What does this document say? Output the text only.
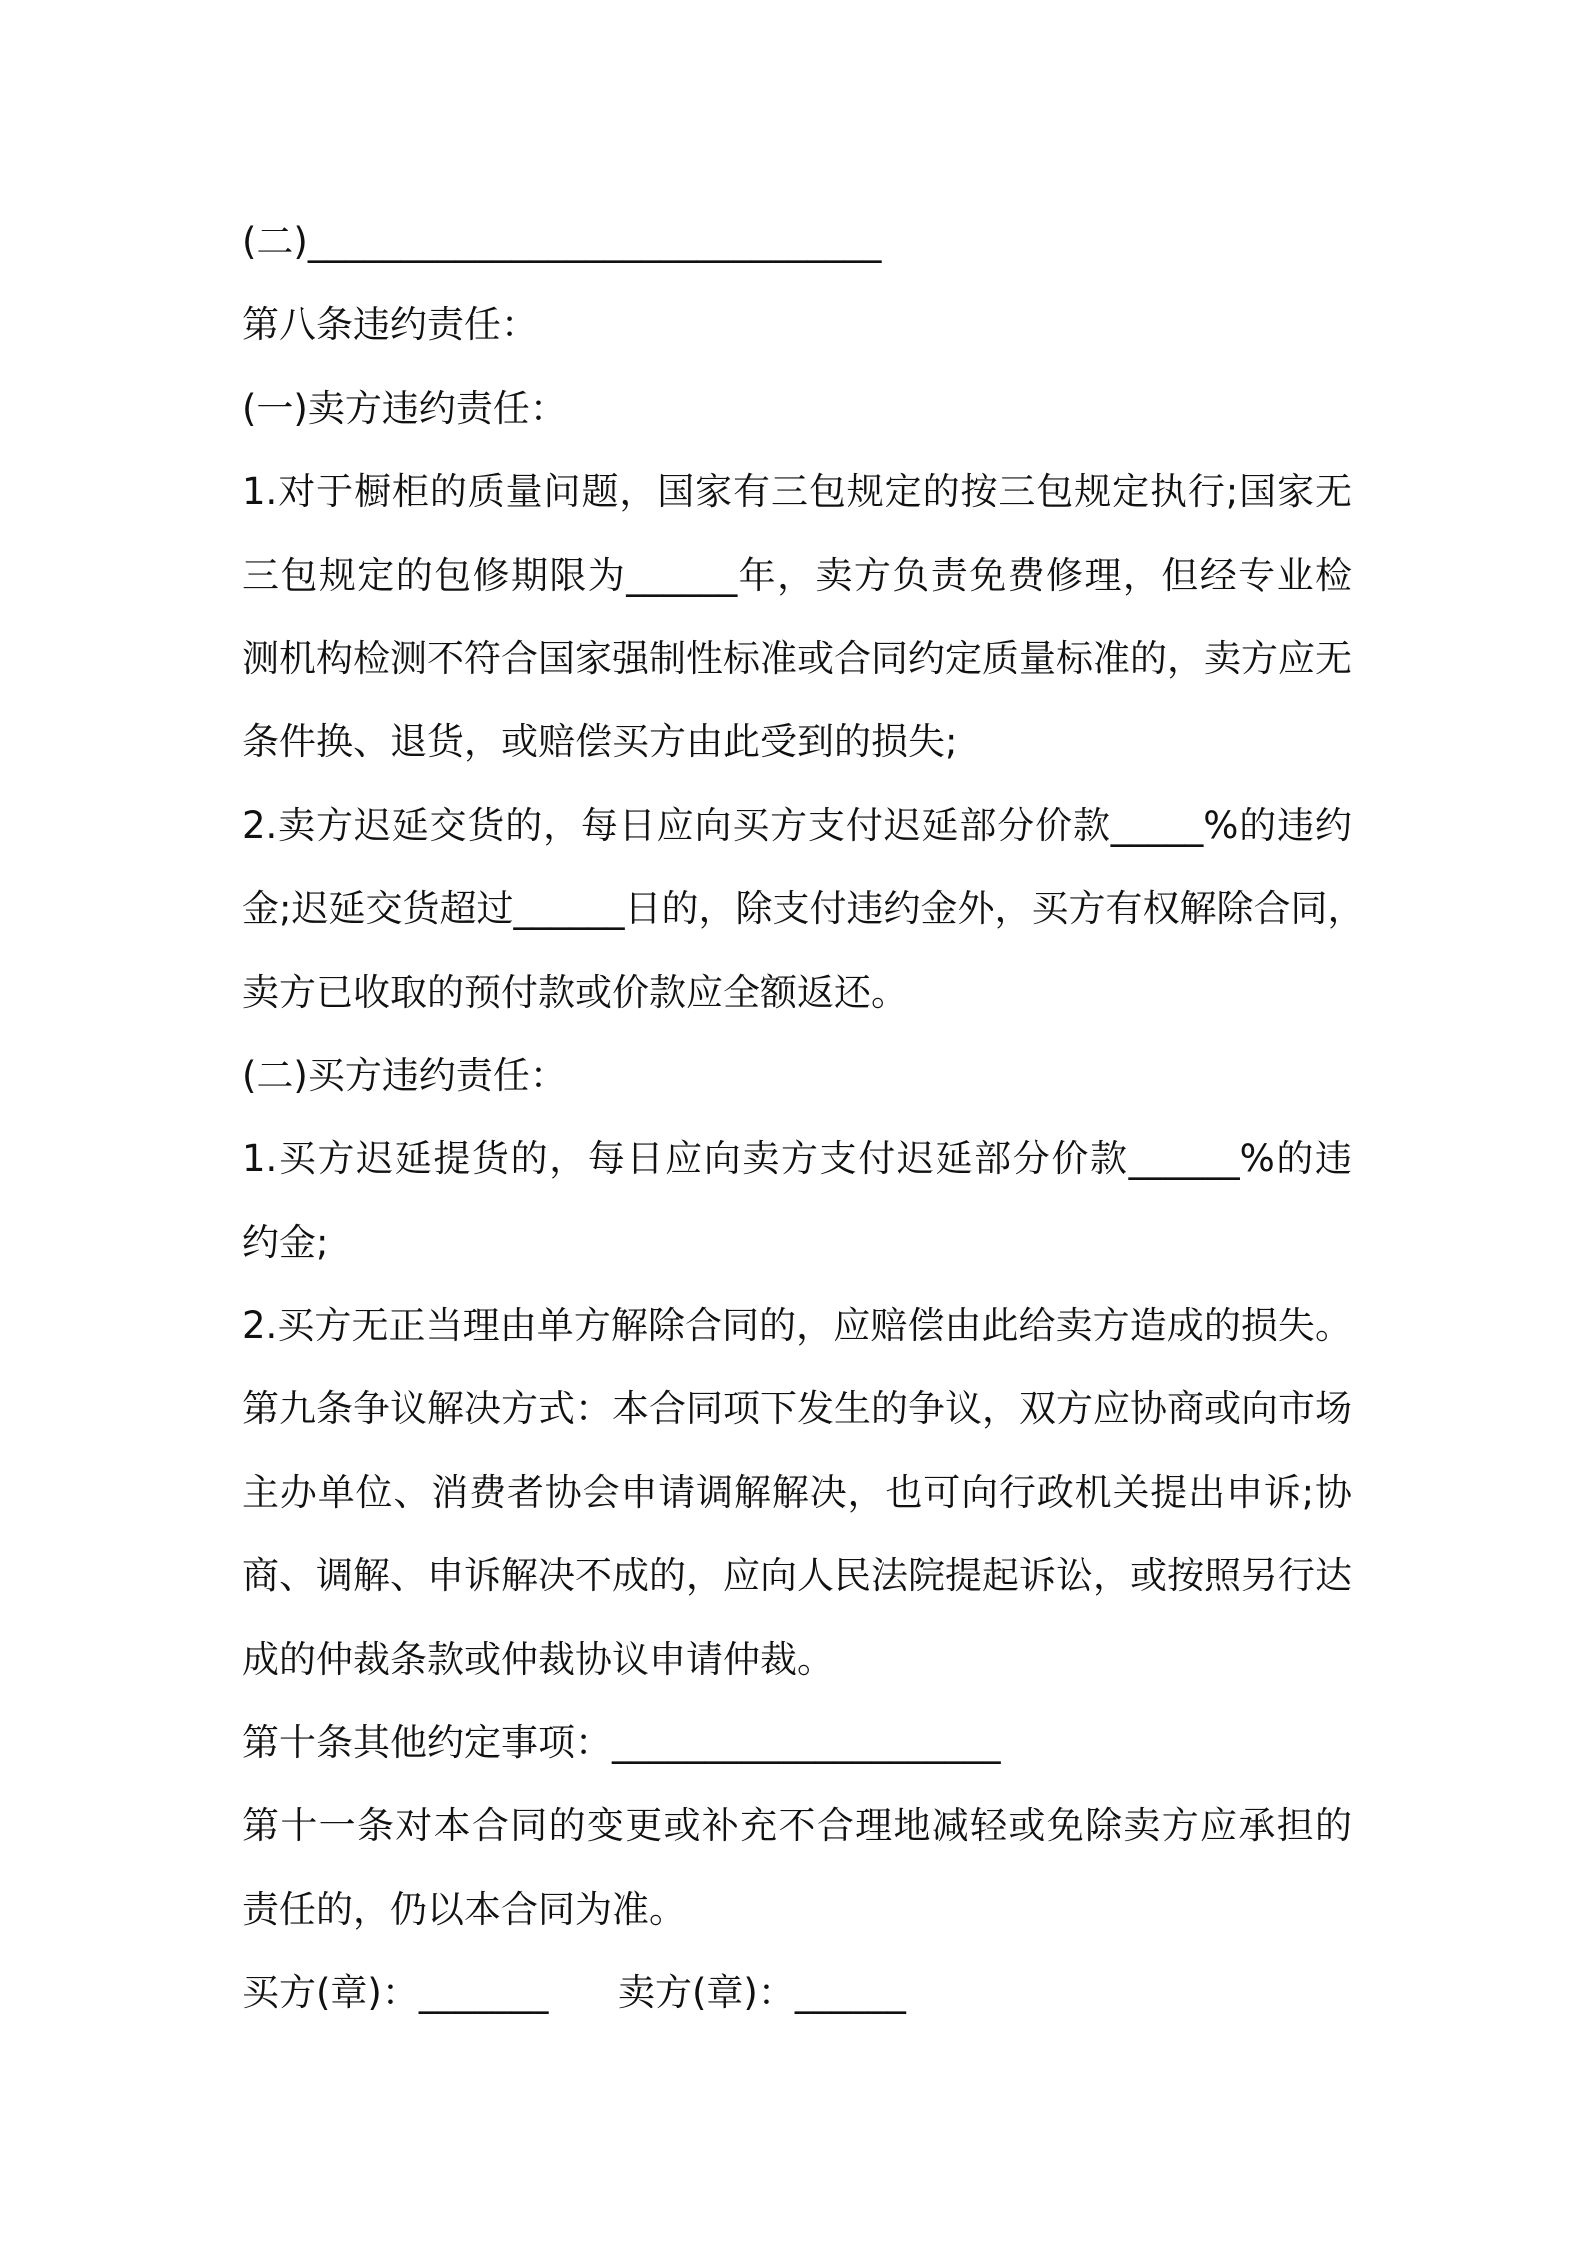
(二)_______________________________
第八条违约责任：
(一)卖方违约责任：
1.对于橱柜的质量问题，国家有三包规定的按三包规定执行;国家无
三包规定的包修期限为______年，卖方负责免费修理，但经专业检
测机构检测不符合国家强制性标准或合同约定质量标准的，卖方应无
条件换、退货，或赔偿买方由此受到的损失;
2.卖方迟延交货的，每日应向买方支付迟延部分价款_____%的违约
金;迟延交货超过______日的，除支付违约金外，买方有权解除合同，
卖方已收取的预付款或价款应全额返还。
(二)买方违约责任：
1.买方迟延提货的，每日应向卖方支付迟延部分价款______%的违
约金;
2.买方无正当理由单方解除合同的，应赔偿由此给卖方造成的损失。
第九条争议解决方式：本合同项下发生的争议，双方应协商或向市场
主办单位、消费者协会申请调解解决，也可向行政机关提出申诉;协
商、调解、申诉解决不成的，应向人民法院提起诉讼，或按照另行达
成的仲裁条款或仲裁协议申请仲裁。
第十条其他约定事项：_____________________
第十一条对本合同的变更或补充不合理地减轻或免除卖方应承担的
责任的，仍以本合同为准。
买方(章)：_______	卖方(章)：______
